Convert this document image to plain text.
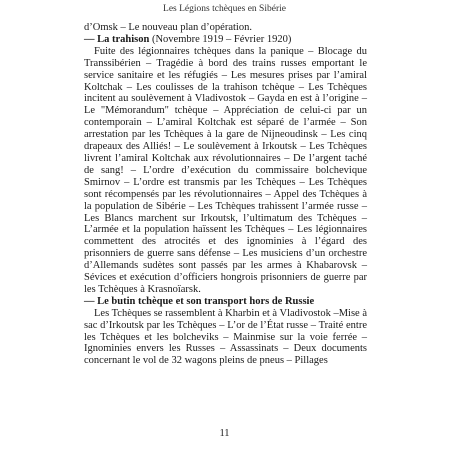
Les Légions tchèques en Sibérie

d’Omsk – Le nouveau plan d’opération.

— La trahison (Novembre 1919 – Février 1920)

Fuite des légionnaires tchèques dans la panique – Blocage du Transsibérien – Tragédie à bord des trains russes emportant le service sanitaire et les réfugiés – Les mesures prises par l’amiral Koltchak – Les coulisses de la trahison tchèque – Les Tchèques incitent au soulèvement à Vladivostok – Gayda en est à l’origine – Le "Mémorandum" tchèque – Appréciation de celui-ci par un contemporain – L’amiral Koltchak est séparé de l’armée – Son arrestation par les Tchèques à la gare de Nijneoudinsk – Les cinq drapeaux des Alliés! – Le soulèvement à Irkoutsk – Les Tchèques livrent l’amiral Koltchak aux révolutionnaires – De l’argent taché de sang! – L’ordre d’exécution du commissaire bolchevique Smirnov – L’ordre est transmis par les Tchèques – Les Tchèques sont récompensés par les révolutionnaires – Appel des Tchèques à la population de Sibérie – Les Tchèques trahissent l’armée russe – Les Blancs marchent sur Irkoutsk, l’ultimatum des Tchèques – L’armée et la population haïssent les Tchèques – Les légionnaires commettent des atrocités et des ignominies à l’égard des prisonniers de guerre sans défense – Les musiciens d’un orchestre d’Allemands sudètes sont passés par les armes à Khabarovsk – Sévices et exécution d’officiers hongrois prisonniers de guerre par les Tchèques à Krasnoïarsk.

— Le butin tchèque et son transport hors de Russie

Les Tchèques se rassemblent à Kharbin et à Vladivostok –Mise à sac d’Irkoutsk par les Tchèques – L’or de l’État russe – Traité entre les Tchèques et les bolcheviks – Mainmise sur la voie ferrée – Ignominies envers les Russes – Assassinats – Deux documents concernant le vol de 32 wagons pleins de pneus – Pillages

11
